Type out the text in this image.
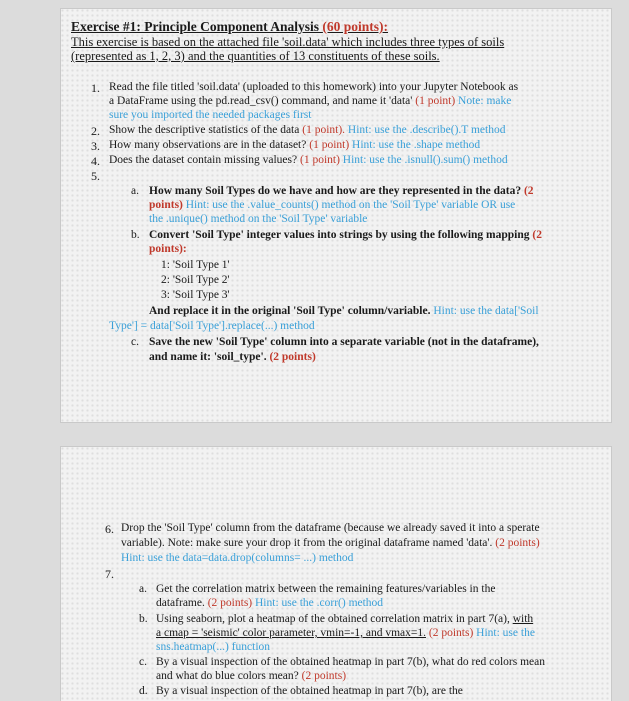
Exercise #1: Principle Component Analysis (60 points):
This exercise is based on the attached file 'soil.data' which includes three types of soils
(represented as 1, 2, 3) and the quantities of 13 constituents of these soils.
1. Read the file titled 'soil.data' (uploaded to this homework) into your Jupyter Notebook as
a DataFrame using the pd.read_csv() command, and name it 'data' (1 point) Note: make
sure you imported the needed packages first
2. Show the descriptive statistics of the data (1 point). Hint: use the .describe().T method
3. How many observations are in the dataset? (1 point) Hint: use the .shape method
4. Does the dataset contain missing values? (1 point) Hint: use the .isnull().sum() method
5.
a. How many Soil Types do we have and how are they represented in the data? (2
points) Hint: use the .value_counts() method on the 'Soil Type' variable OR use
the .unique() method on the 'Soil Type' variable
b. Convert 'Soil Type' integer values into strings by using the following mapping (2
points):
1: 'Soil Type 1'
2: 'Soil Type 2'
3: 'Soil Type 3'
And replace it in the original 'Soil Type' column/variable. Hint: use the data['Soil
Type'] = data['Soil Type'].replace(...) method
c. Save the new 'Soil Type' column into a separate variable (not in the dataframe),
and name it: 'soil_type'. (2 points)
6. Drop the 'Soil Type' column from the dataframe (because we already saved it into a sperate
variable). Note: make sure your drop it from the original dataframe named 'data'. (2 points)
Hint: use the data=data.drop(columns= ...) method
7.
a. Get the correlation matrix between the remaining features/variables in the
dataframe. (2 points) Hint: use the .corr() method
b. Using seaborn, plot a heatmap of the obtained correlation matrix in part 7(a), with
a cmap = 'seismic' color parameter, vmin=-1, and vmax=1. (2 points) Hint: use the
sns.heatmap(...) function
c. By a visual inspection of the obtained heatmap in part 7(b), what do red colors mean
and what do blue colors mean? (2 points)
d. By a visual inspection of the obtained heatmap in part 7(b), are the
